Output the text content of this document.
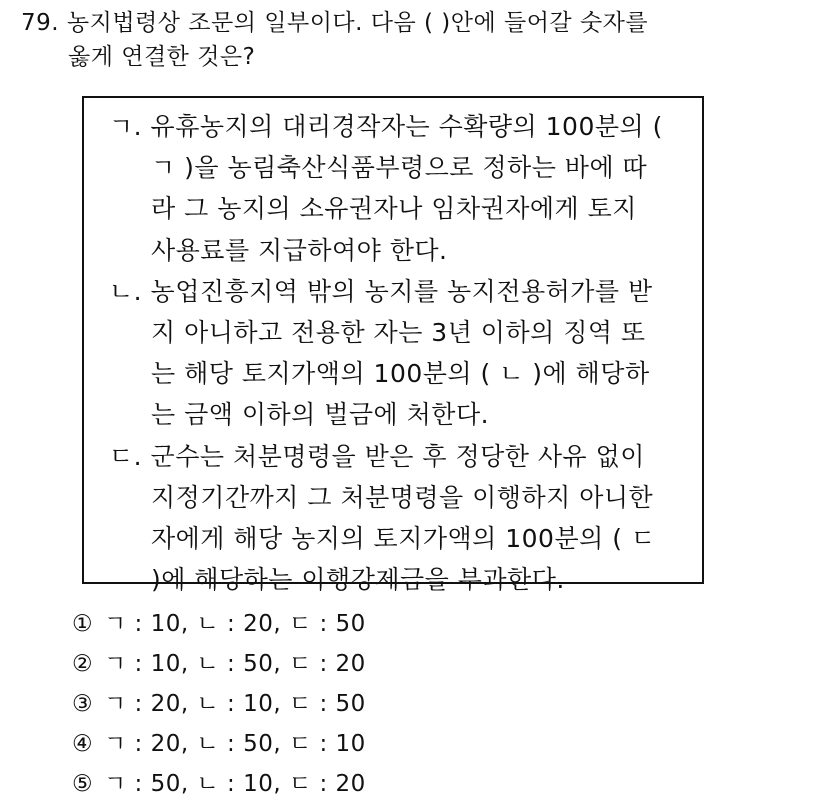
79. 농지법령상 조문의 일부이다. 다음 ( )안에 들어갈 숫자를
옳게 연결한 것은?
ㄱ. 유휴농지의 대리경작자는 수확량의 100분의 (
ㄱ )을 농림축산식품부령으로 정하는 바에 따
라 그 농지의 소유권자나 임차권자에게 토지
사용료를 지급하여야 한다.
ㄴ. 농업진흥지역 밖의 농지를 농지전용허가를 받
지 아니하고 전용한 자는 3년 이하의 징역 또
는 해당 토지가액의 100분의 ( ㄴ )에 해당하
는 금액 이하의 벌금에 처한다.
ㄷ. 군수는 처분명령을 받은 후 정당한 사유 없이
지정기간까지 그 처분명령을 이행하지 아니한
자에게 해당 농지의 토지가액의 100분의 ( ㄷ
)에 해당하는 이행강제금을 부과한다.
① ㄱ : 10, ㄴ : 20, ㄷ : 50
② ㄱ : 10, ㄴ : 50, ㄷ : 20
③ ㄱ : 20, ㄴ : 10, ㄷ : 50
④ ㄱ : 20, ㄴ : 50, ㄷ : 10
⑤ ㄱ : 50, ㄴ : 10, ㄷ : 20
